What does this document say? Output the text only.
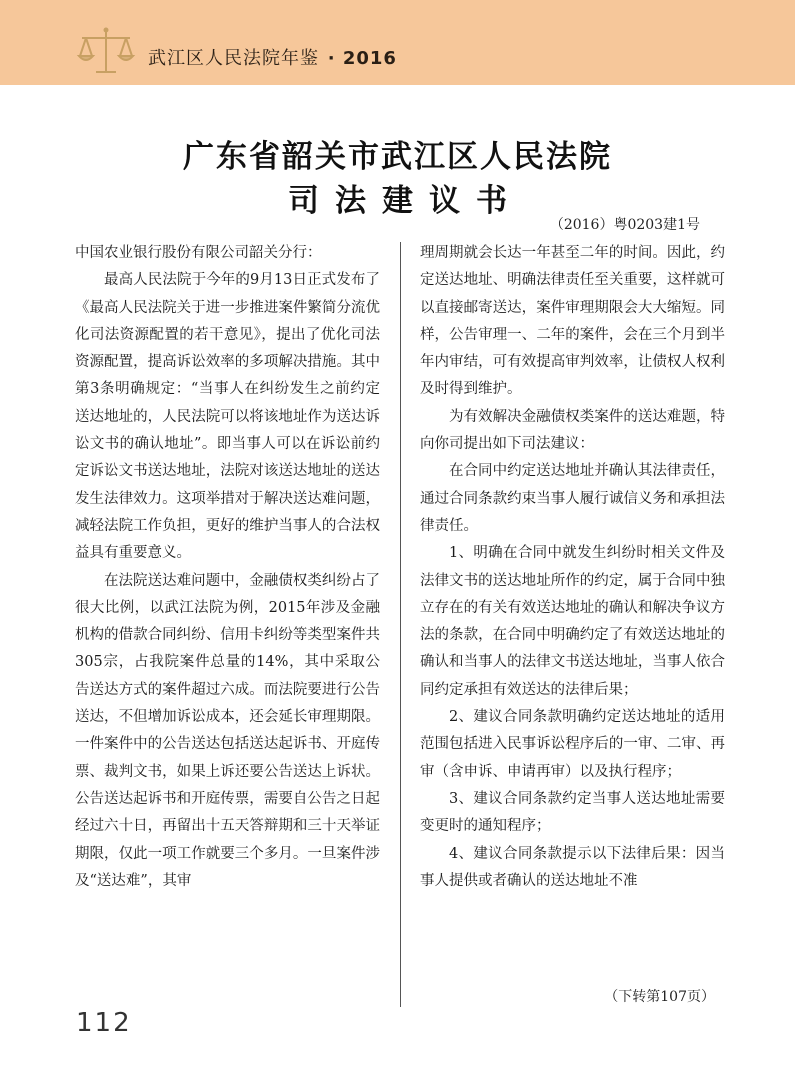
武江区人民法院年鉴 · 2016
广东省韶关市武江区人民法院
司法建议书
（2016）粤0203建1号

中国农业银行股份有限公司韶关分行：

最高人民法院于今年的9月13日正式发布了《最高人民法院关于进一步推进案件繁简分流优化司法资源配置的若干意见》，提出了优化司法资源配置，提高诉讼效率的多项解决措施。其中第3条明确规定：“当事人在纠纷发生之前约定送达地址的，人民法院可以将该地址作为送达诉讼文书的确认地址”。即当事人可以在诉讼前约定诉讼文书送达地址，法院对该送达地址的送达发生法律效力。这项举措对于解决送达难问题，减轻法院工作负担，更好的维护当事人的合法权益具有重要意义。

在法院送达难问题中，金融债权类纠纷占了很大比例，以武江法院为例，2015年涉及金融机构的借款合同纠纷、信用卡纠纷等类型案件共305宗，占我院案件总量的14%，其中采取公告送达方式的案件超过六成。而法院要进行公告送达，不但增加诉讼成本，还会延长审理期限。一件案件中的公告送达包括送达起诉书、开庭传票、裁判文书，如果上诉还要公告送达上诉状。公告送达起诉书和开庭传票，需要自公告之日起经过六十日，再留出十五天答辩期和三十天举证期限，仅此一项工作就要三个多月。一旦案件涉及“送达难”，其审

理周期就会长达一年甚至二年的时间。因此，约定送达地址、明确法律责任至关重要，这样就可以直接邮寄送达，案件审理期限会大大缩短。同样，公告审理一、二年的案件，会在三个月到半年内审结，可有效提高审判效率，让债权人权利及时得到维护。

为有效解决金融债权类案件的送达难题，特向你司提出如下司法建议：

在合同中约定送达地址并确认其法律责任，通过合同条款约束当事人履行诚信义务和承担法律责任。

1、明确在合同中就发生纠纷时相关文件及法律文书的送达地址所作的约定，属于合同中独立存在的有关有效送达地址的确认和解决争议方法的条款，在合同中明确约定了有效送达地址的确认和当事人的法律文书送达地址，当事人依合同约定承担有效送达的法律后果；

2、建议合同条款明确约定送达地址的适用范围包括进入民事诉讼程序后的一审、二审、再审（含申诉、申请再审）以及执行程序；

3、建议合同条款约定当事人送达地址需要变更时的通知程序；

4、建议合同条款提示以下法律后果：因当事人提供或者确认的送达地址不准

（下转第107页）
112
